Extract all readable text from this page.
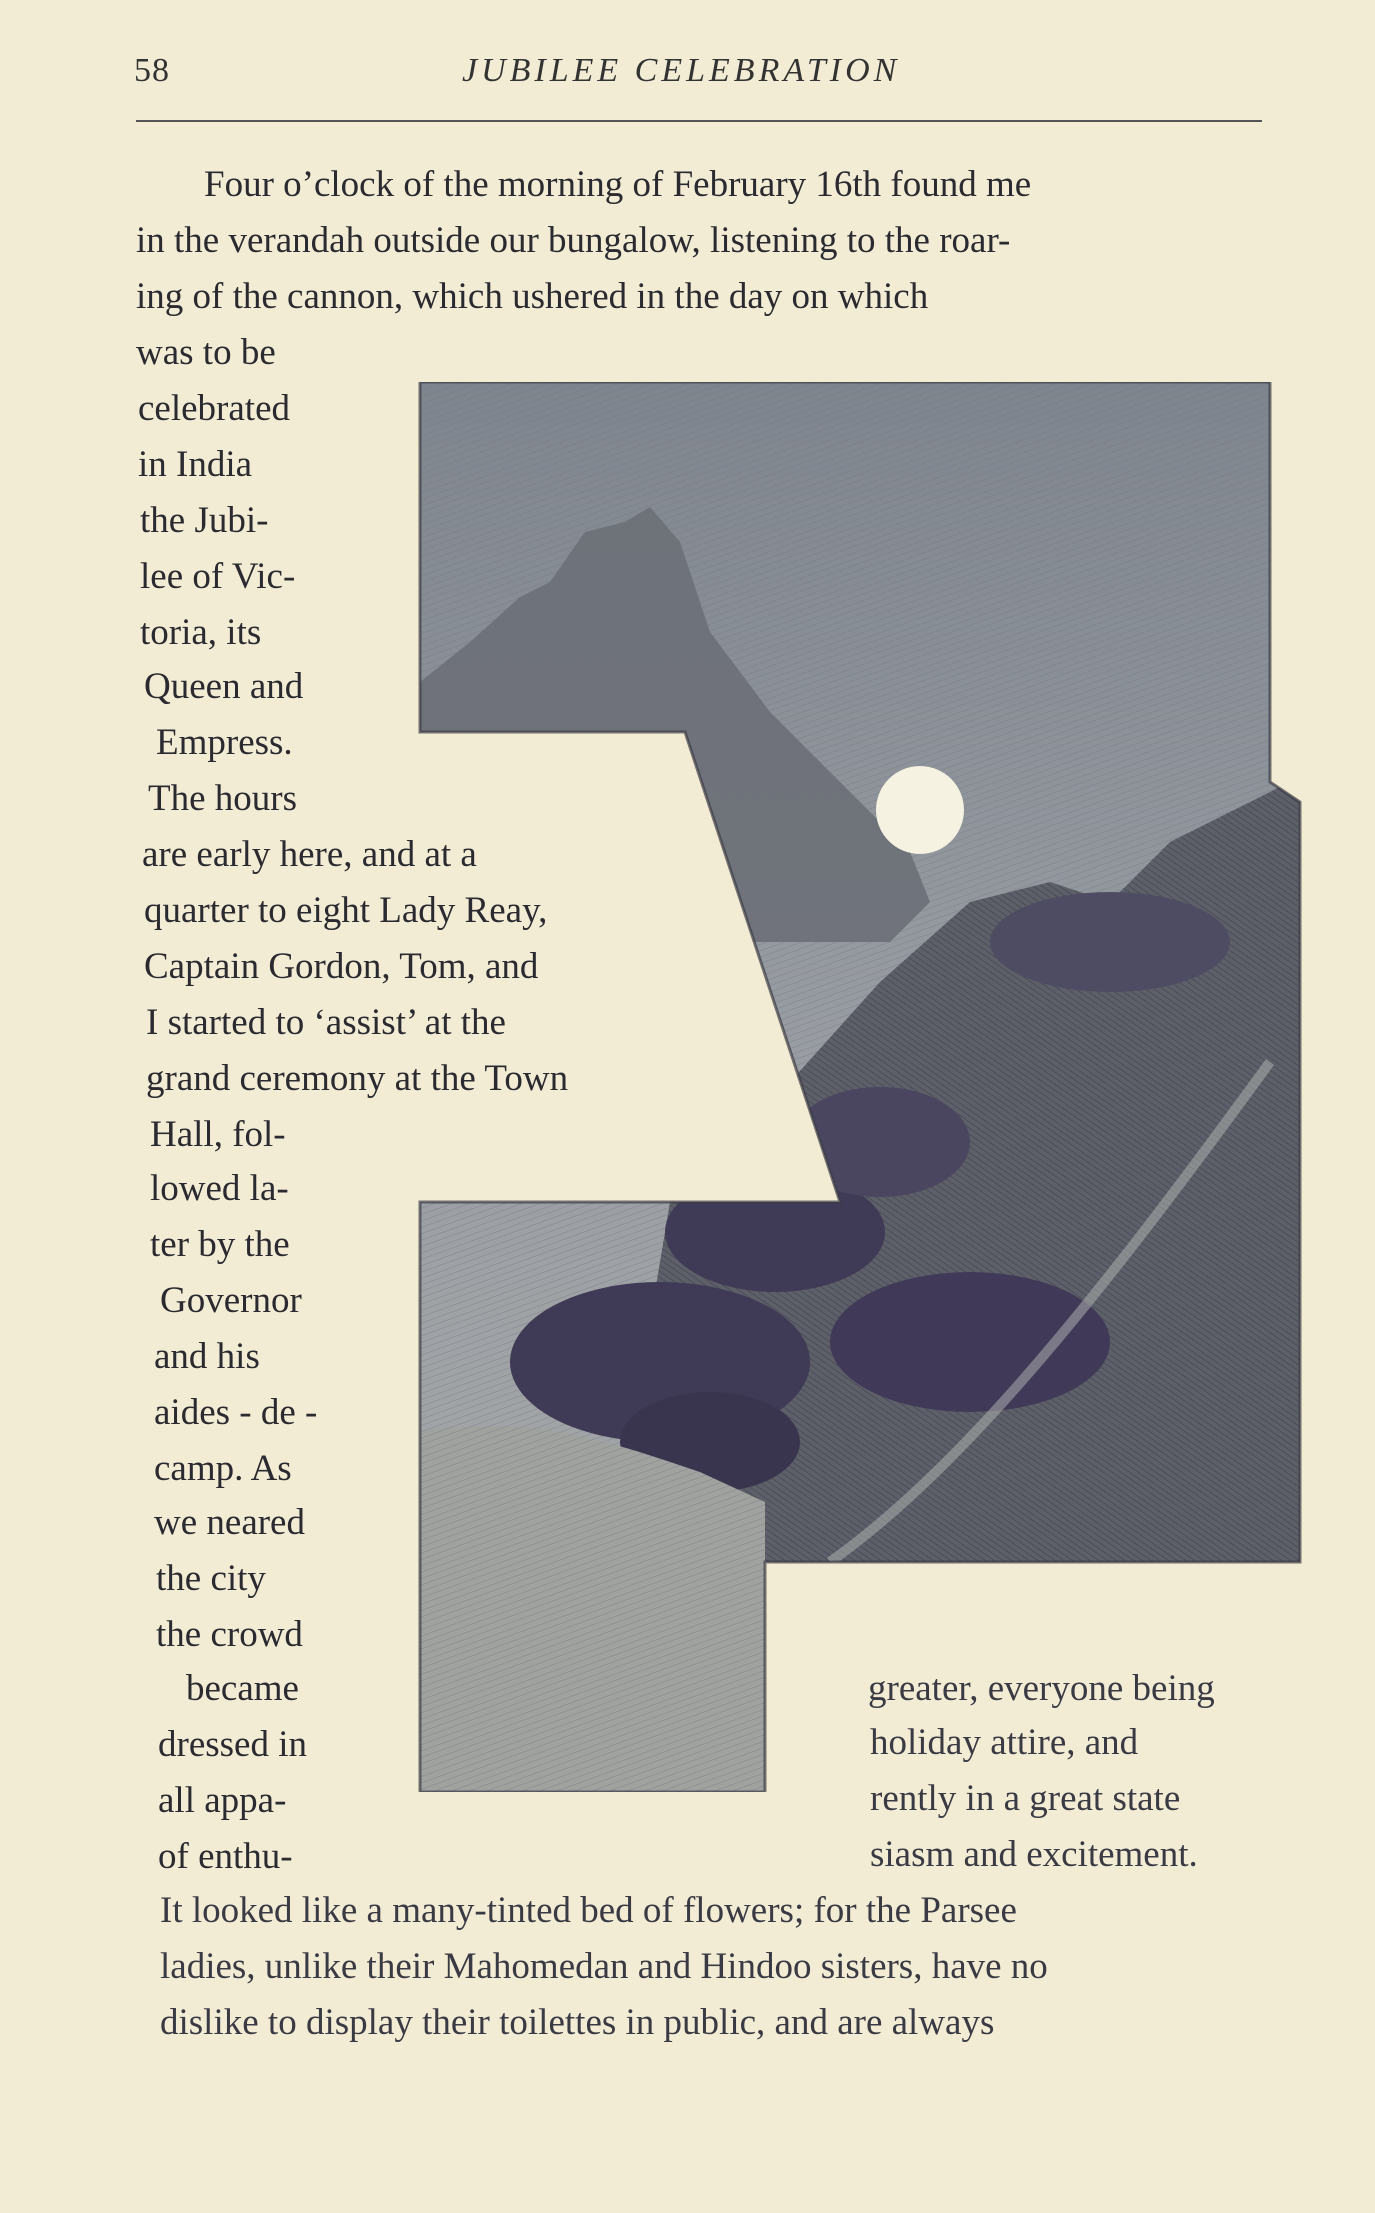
58	JUBILEE CELEBRATION
Four o’clock of the morning of February 16th found me
in the verandah outside our bungalow, listening to the roar-
ing of the cannon, which ushered in the day on which
was to be
celebrated
in India
the Jubi-
lee of Vic-
toria, its
Queen and
Empress.
The hours
are early here, and at a
quarter to eight Lady Reay,
Captain Gordon, Tom, and
I started to ‘assist’ at the
grand ceremony at the Town
Hall, fol-
lowed la-
ter by the
Governor
and his
aides - de -
camp. As
we neared
the city
the crowd
became
dressed in
all appa-
of enthu-
greater, everyone being
holiday attire, and
rently in a great state
siasm and excitement.
It looked like a many-tinted bed of flowers; for the Parsee
ladies, unlike their Mahomedan and Hindoo sisters, have no
dislike to display their toilettes in public, and are always
